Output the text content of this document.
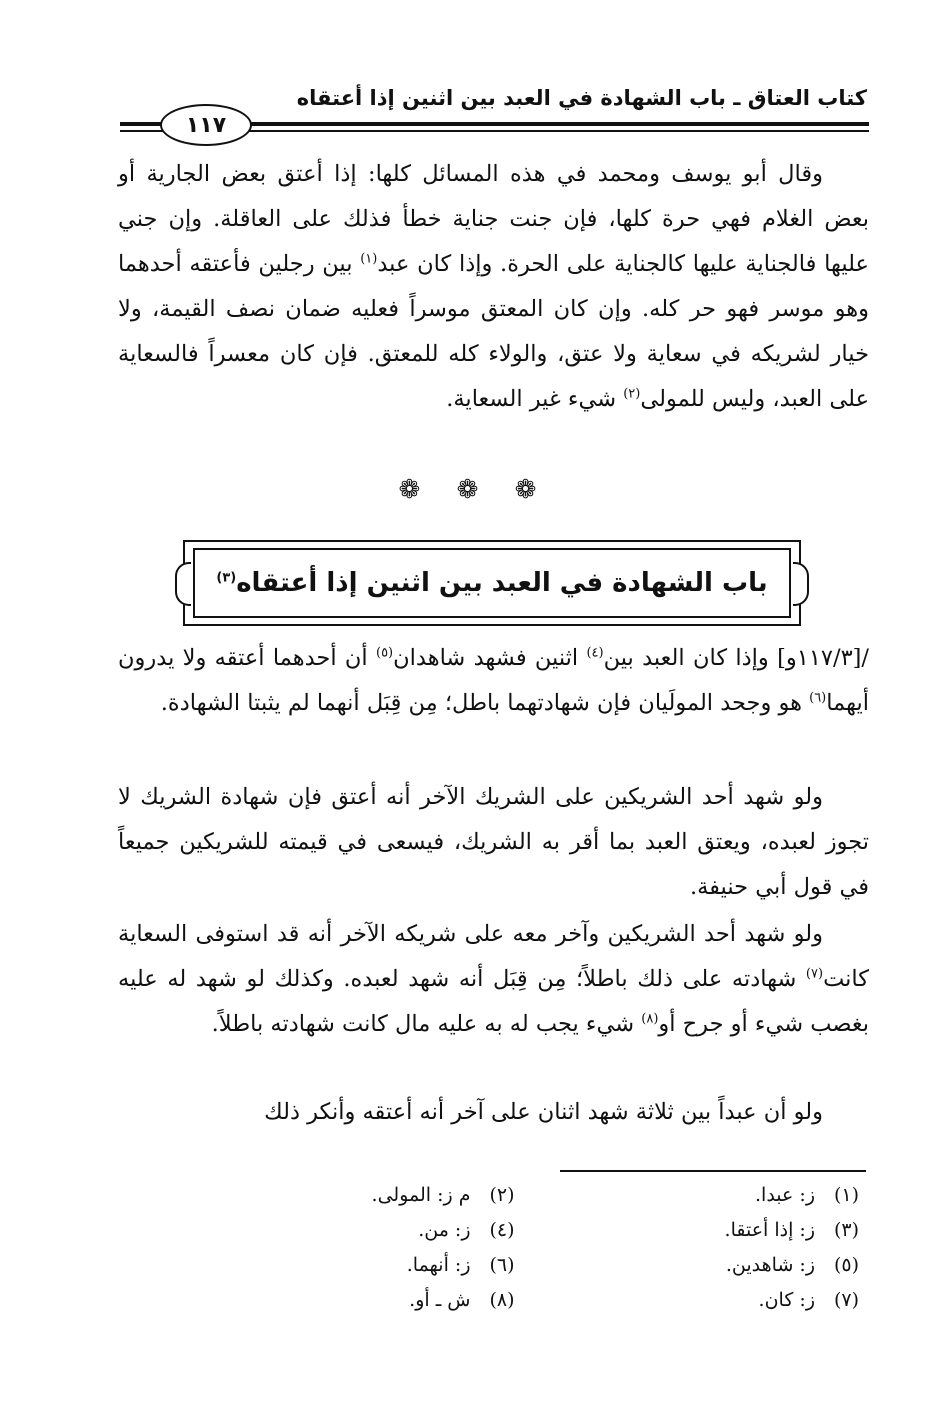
كتاب العتاق ـ باب الشهادة في العبد بين اثنين إذا أعتقاه
١١٧

وقال أبو يوسف ومحمد في هذه المسائل كلها: إذا أعتق بعض الجارية أو بعض الغلام فهي حرة كلها، فإن جنت جناية خطأ فذلك على العاقلة. وإن جني عليها فالجناية عليها كالجناية على الحرة. وإذا كان عبد$^{(١)}$ بين رجلين فأعتقه أحدهما وهو موسر فهو حر كله. وإن كان المعتق موسراً فعليه ضمان نصف القيمة، ولا خيار لشريكه في سعاية ولا عتق، والولاء كله للمعتق. فإن كان معسراً فالسعاية على العبد، وليس للمولى$^{(٢)}$ شيء غير السعاية.

❁ ❁ ❁
باب الشهادة في العبد بين اثنين إذا أعتقاه$^{(٣)}$

/[١١٧/٣و] وإذا كان العبد بين$^{(٤)}$ اثنين فشهد شاهدان$^{(٥)}$ أن أحدهما أعتقه ولا يدرون أيهما$^{(٦)}$ هو وجحد المولَيان فإن شهادتهما باطل؛ مِن قِبَل أنهما لم يثبتا الشهادة.

ولو شهد أحد الشريكين على الشريك الآخر أنه أعتق فإن شهادة الشريك لا تجوز لعبده، ويعتق العبد بما أقر به الشريك، فيسعى في قيمته للشريكين جميعاً في قول أبي حنيفة.

ولو شهد أحد الشريكين وآخر معه على شريكه الآخر أنه قد استوفى السعاية كانت$^{(٧)}$ شهادته على ذلك باطلاً؛ مِن قِبَل أنه شهد لعبده. وكذلك لو شهد له عليه بغصب شيء أو جرح أو$^{(٨)}$ شيء يجب له به عليه مال كانت شهادته باطلاً.

ولو أن عبداً بين ثلاثة شهد اثنان على آخر أنه أعتقه وأنكر ذلك

(١)ز: عبدا.
(٢)م ز: المولى.
(٣)ز: إذا أعتقا.
(٤)ز: من.
(٥)ز: شاهدين.
(٦)ز: أنهما.
(٧)ز: كان.
(٨)ش ـ أو.
